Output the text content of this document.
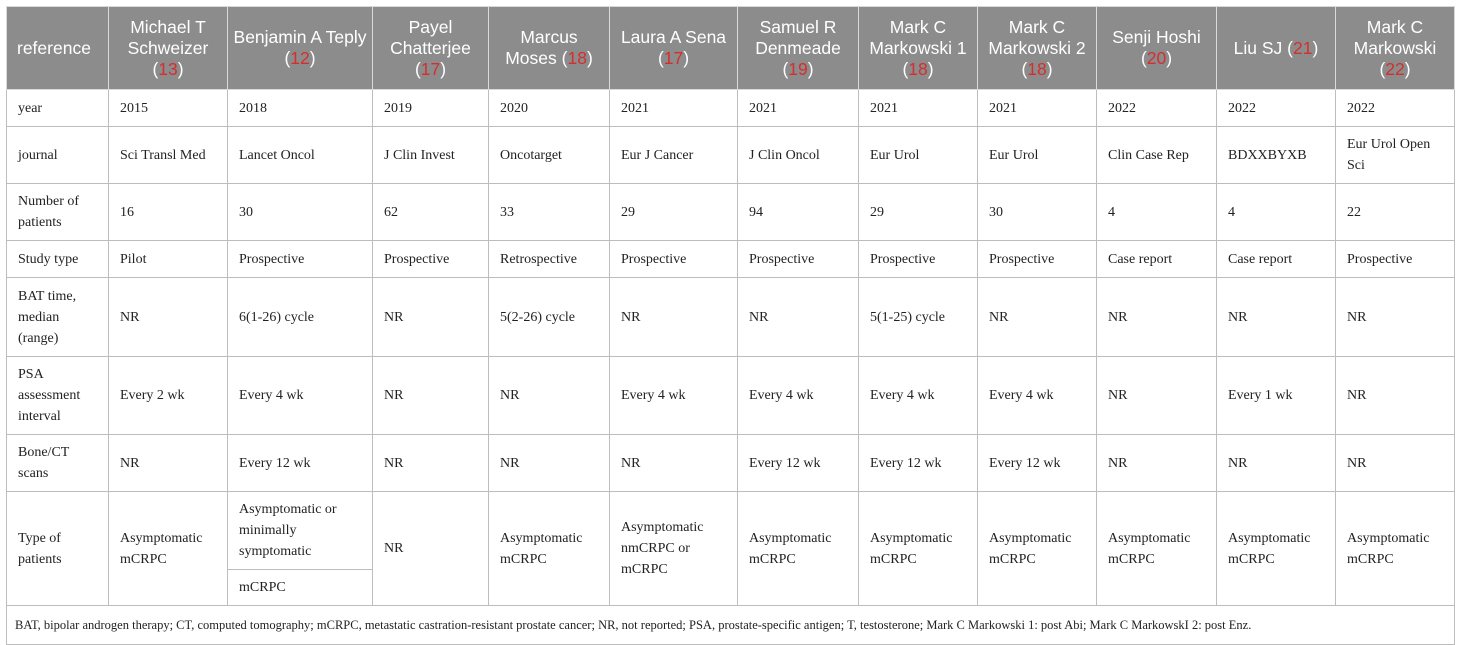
reference	Michael T Schweizer (13)	Benjamin A Teply (12)	Payel Chatterjee (17)	Marcus Moses (18)	Laura A Sena (17)	Samuel R Denmeade (19)	Mark C Markowski 1 (18)	Mark C Markowski 2 (18)	Senji Hoshi (20)	Liu SJ (21)	Mark C Markowski (22)
year	2015	2018	2019	2020	2021	2021	2021	2021	2022	2022	2022
journal	Sci Transl Med	Lancet Oncol	J Clin Invest	Oncotarget	Eur J Cancer	J Clin Oncol	Eur Urol	Eur Urol	Clin Case Rep	BDXXBYXB	Eur Urol Open Sci
Number of patients	16	30	62	33	29	94	29	30	4	4	22
Study type	Pilot	Prospective	Prospective	Retrospective	Prospective	Prospective	Prospective	Prospective	Case report	Case report	Prospective
BAT time, median (range)	NR	6(1-26) cycle	NR	5(2-26) cycle	NR	NR	5(1-25) cycle	NR	NR	NR	NR
PSA assessment interval	Every 2 wk	Every 4 wk	NR	NR	Every 4 wk	Every 4 wk	Every 4 wk	Every 4 wk	NR	Every 1 wk	NR
Bone/CT scans	NR	Every 12 wk	NR	NR	NR	Every 12 wk	Every 12 wk	Every 12 wk	NR	NR	NR
Type of patients	Asymptomatic mCRPC	Asymptomatic or minimally symptomatic	NR	Asymptomatic mCRPC	Asymptomatic nmCRPC or mCRPC	Asymptomatic mCRPC	Asymptomatic mCRPC	Asymptomatic mCRPC	Asymptomatic mCRPC	Asymptomatic mCRPC	Asymptomatic mCRPC
		mCRPC									
BAT, bipolar androgen therapy; CT, computed tomography; mCRPC, metastatic castration-resistant prostate cancer; NR, not reported; PSA, prostate-specific antigen; T, testosterone; Mark C Markowski 1: post Abi; Mark C MarkowskI 2: post Enz.											
